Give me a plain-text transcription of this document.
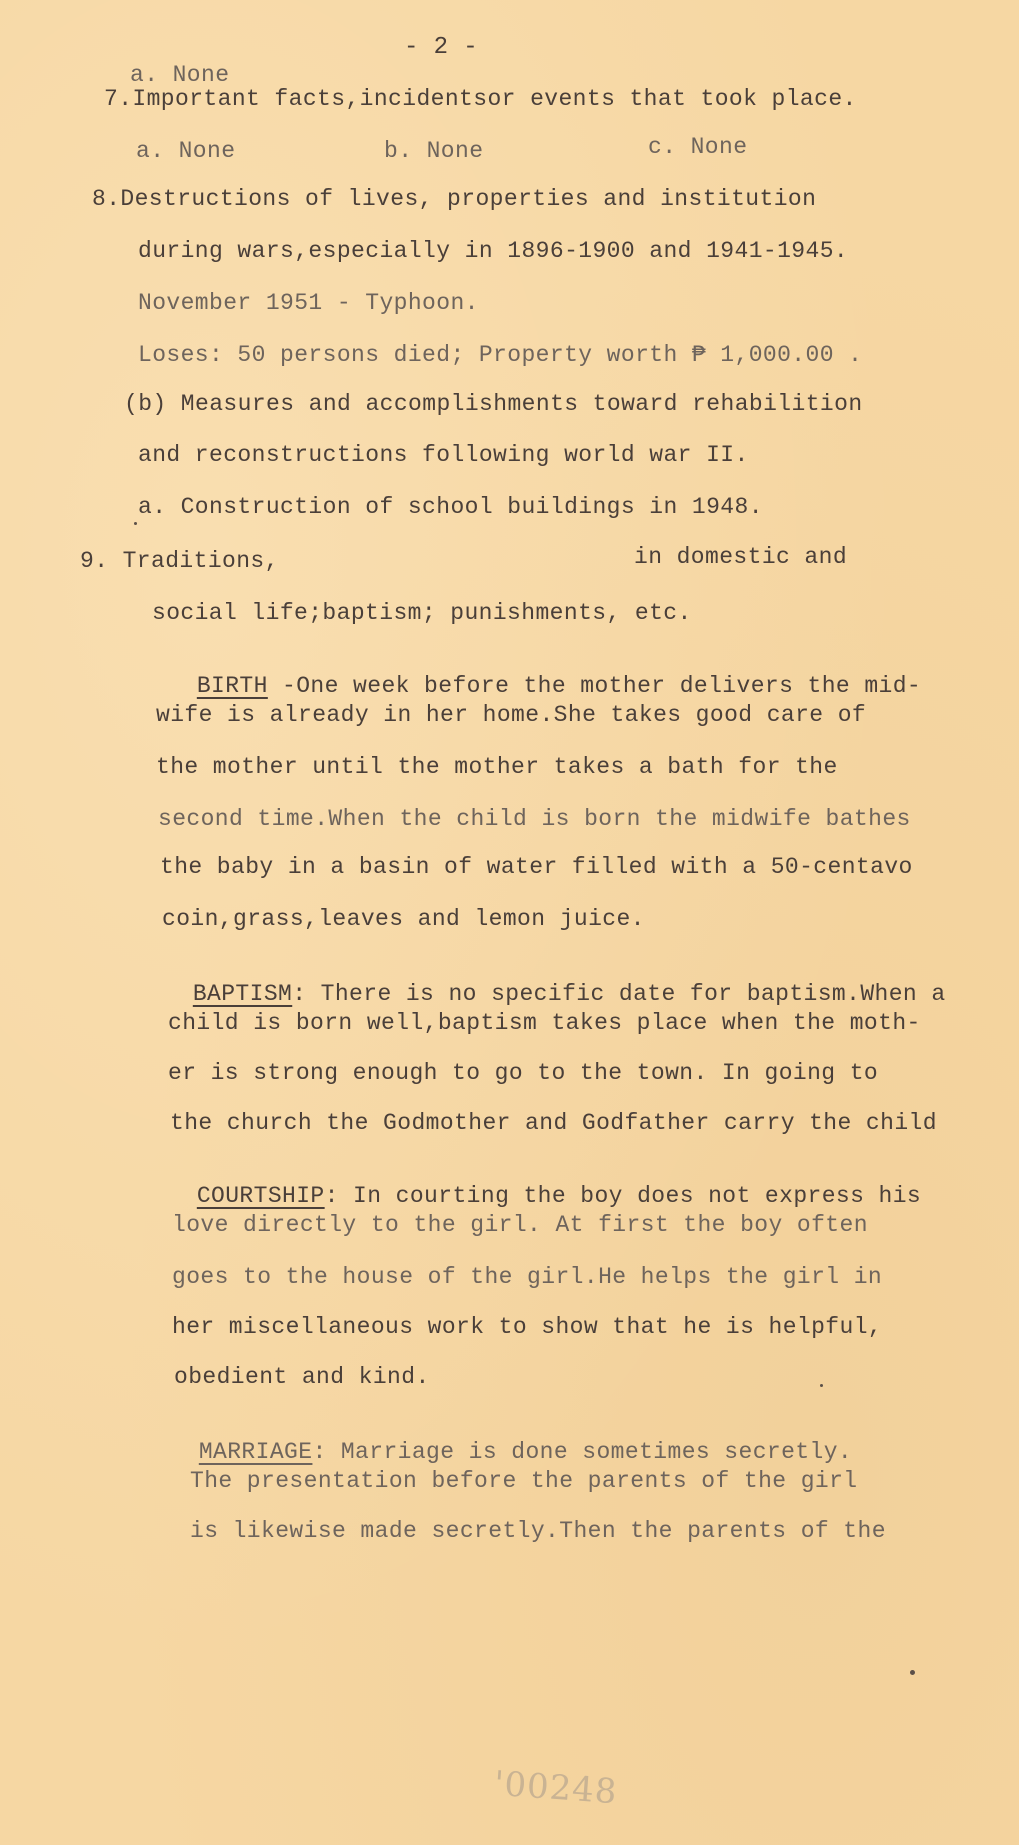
- 2 -
a. None
7.Important facts,incidentsor events that took place.
a. None	b. None	c. None
8.Destructions of lives, properties and institution
during wars,especially in 1896-1900 and 1941-1945.
November 1951 - Typhoon.
Loses: 50 persons died; Property worth ₱ 1,000.00 .
(b) Measures and accomplishments toward rehabilition
and reconstructions following world war II.
a. Construction of school buildings in 1948.
9. Traditions,	in domestic and
social life;baptism; punishments, etc.

BIRTH -One week before the mother delivers the mid-

wife is already in her home.She takes good care of
the mother until the mother takes a bath for the
second time.When the child is born the midwife bathes
the baby in a basin of water filled with a 50-centavo
coin,grass,leaves and lemon juice.

BAPTISM: There is no specific date for baptism.When a

child is born well,baptism takes place when the moth-
er is strong enough to go to the town. In going to
the church the Godmother and Godfather carry the child

COURTSHIP: In courting the boy does not express his

love directly to the girl. At first the boy often
goes to the house of the girl.He helps the girl in
her miscellaneous work to show that he is helpful,
obedient and kind.

MARRIAGE: Marriage is done sometimes secretly.

The presentation before the parents of the girl
is likewise made secretly.Then the parents of the
'00248
